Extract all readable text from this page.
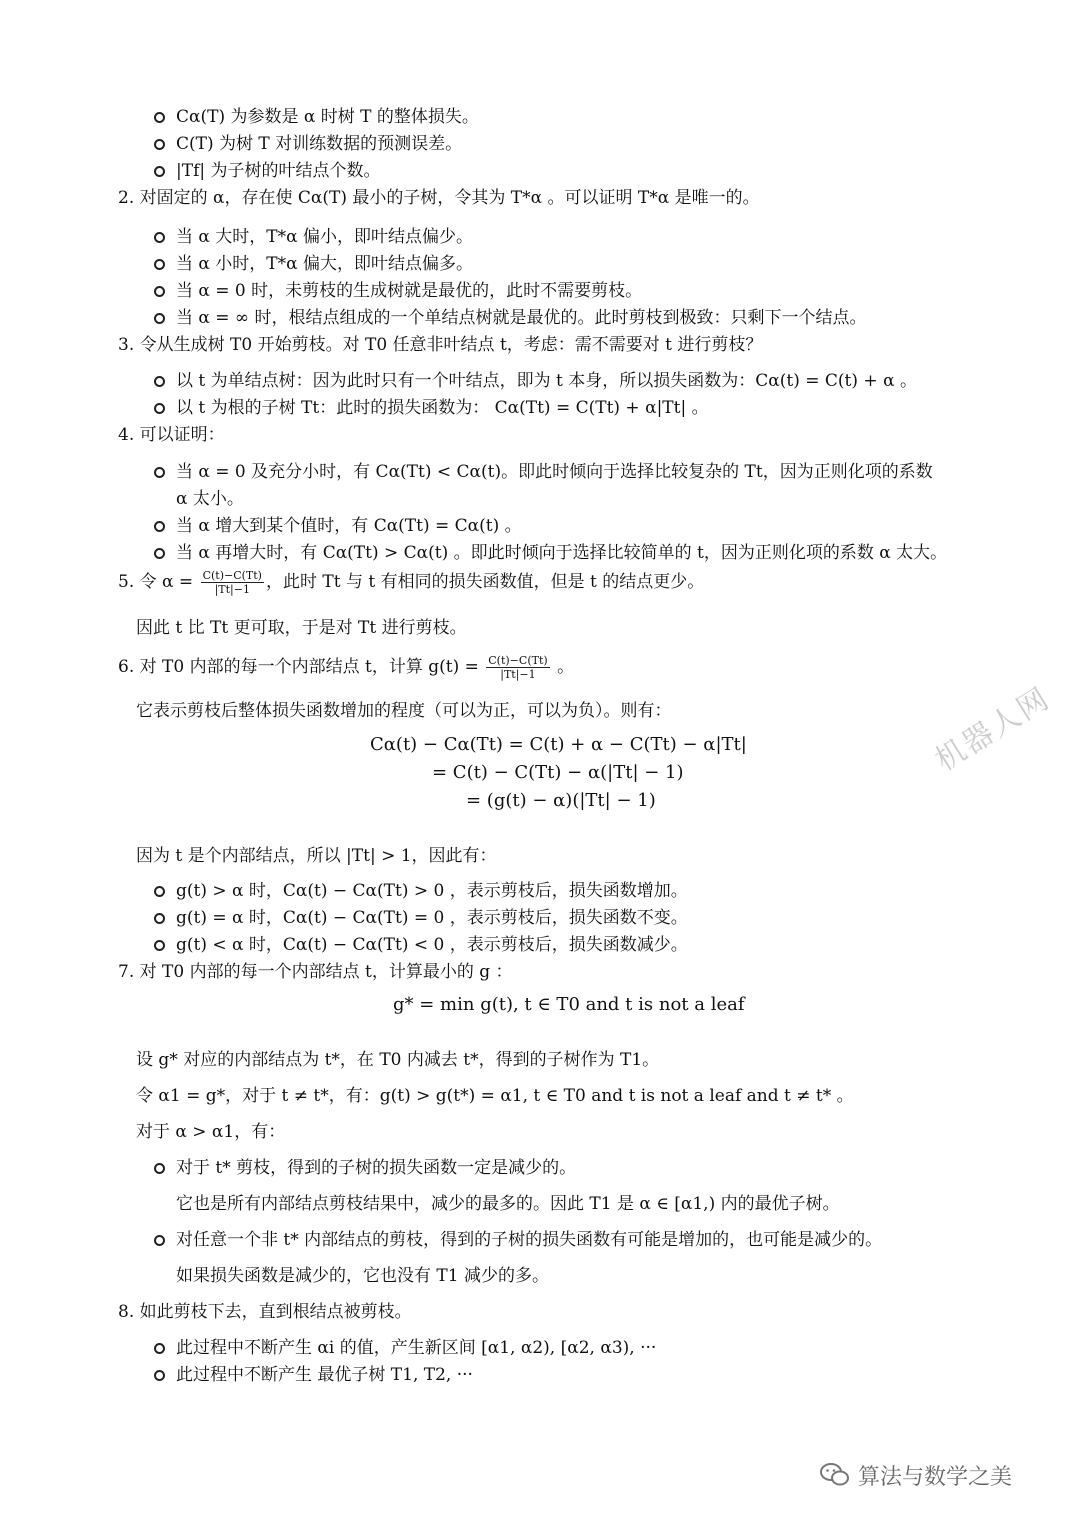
Cα(T) 为参数是 α 时树 T 的整体损失。
C(T) 为树 T 对训练数据的预测误差。
|Tf| 为子树的叶结点个数。
2. 对固定的 α，存在使 Cα(T) 最小的子树，令其为 T*α 。可以证明 T*α 是唯一的。
当 α 大时，T*α 偏小，即叶结点偏少。
当 α 小时，T*α 偏大，即叶结点偏多。
当 α = 0 时，未剪枝的生成树就是最优的，此时不需要剪枝。
当 α = ∞ 时，根结点组成的一个单结点树就是最优的。此时剪枝到极致：只剩下一个结点。
3. 令从生成树 T0 开始剪枝。对 T0 任意非叶结点 t，考虑：需不需要对 t 进行剪枝？
以 t 为单结点树：因为此时只有一个叶结点，即为 t 本身，所以损失函数为：Cα(t) = C(t) + α 。
以 t 为根的子树 Tt：此时的损失函数为： Cα(Tt) = C(Tt) + α|Tt| 。
4. 可以证明：
当 α = 0 及充分小时，有 Cα(Tt) < Cα(t)。即此时倾向于选择比较复杂的 Tt，因为正则化项的系数
α 太小。
当 α 增大到某个值时，有 Cα(Tt) = Cα(t) 。
当 α 再增大时，有 Cα(Tt) > Cα(t) 。即此时倾向于选择比较简单的 t，因为正则化项的系数 α 太大。
5. 令 $\alpha = \frac{C(t)-C(Tt)}{|Tt|-1}$ ，此时 Tt 与 t 有相同的损失函数值，但是 t 的结点更少。
因此 t 比 Tt 更可取，于是对 Tt 进行剪枝。
6. 对 T0 内部的每一个内部结点 t，计算 $g(t) = \frac{C(t)-C(Tt)}{|Tt|-1}$ 。
它表示剪枝后整体损失函数增加的程度（可以为正，可以为负）。则有：
Cα(t) − Cα(Tt) = C(t) + α − C(Tt) − α|Tt|
= C(t) − C(Tt) − α(|Tt| − 1)
= (g(t) − α)(|Tt| − 1)
因为 t 是个内部结点，所以 |Tt| > 1，因此有：
g(t) > α 时，Cα(t) − Cα(Tt) > 0 ，表示剪枝后，损失函数增加。
g(t) = α 时，Cα(t) − Cα(Tt) = 0 ，表示剪枝后，损失函数不变。
g(t) < α 时，Cα(t) − Cα(Tt) < 0 ，表示剪枝后，损失函数减少。
7. 对 T0 内部的每一个内部结点 t，计算最小的 g ：
g* = min g(t), t ∈ T0 and t is not a leaf
设 g* 对应的内部结点为 t*，在 T0 内减去 t*，得到的子树作为 T1。
令 α1 = g*，对于 t ≠ t*，有：g(t) > g(t*) = α1, t ∈ T0 and t is not a leaf and t ≠ t* 。
对于 α > α1，有：
对于 t* 剪枝，得到的子树的损失函数一定是减少的。
它也是所有内部结点剪枝结果中，减少的最多的。因此 T1 是 α ∈ [α1,) 内的最优子树。
对任意一个非 t* 内部结点的剪枝，得到的子树的损失函数有可能是增加的，也可能是减少的。
如果损失函数是减少的，它也没有 T1 减少的多。
8. 如此剪枝下去，直到根结点被剪枝。
此过程中不断产生 αi 的值，产生新区间 [α1, α2), [α2, α3), ···
此过程中不断产生 最优子树 T1, T2, ···
机器人网
算法与数学之美
